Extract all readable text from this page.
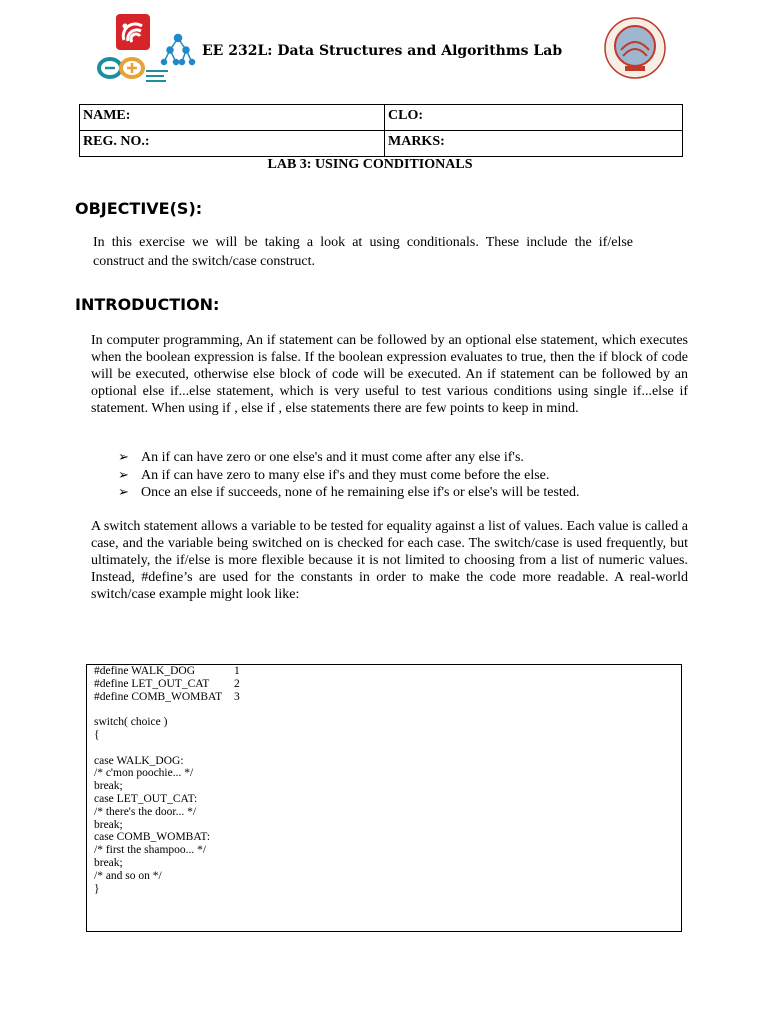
EE 232L: Data Structures and Algorithms Lab
NAME:	CLO:
REG. NO.:	MARKS:
LAB 3: USING CONDITIONALS
OBJECTIVE(S):
In this exercise we will be taking a look at using conditionals. These include the if/else construct and the switch/case construct.
INTRODUCTION:
In computer programming, An if statement can be followed by an optional else statement, which executes when the boolean expression is false. If the boolean expression evaluates to true, then the if block of code will be executed, otherwise else block of code will be executed. An if statement can be followed by an optional else if...else statement, which is very useful to test various conditions using single if...else if statement. When using if , else if , else statements there are few points to keep in mind.
➢ An if can have zero or one else's and it must come after any else if's.
➢ An if can have zero to many else if's and they must come before the else.
➢ Once an else if succeeds, none of he remaining else if's or else's will be tested.
A switch statement allows a variable to be tested for equality against a list of values. Each value is called a case, and the variable being switched on is checked for each case. The switch/case is used frequently, but ultimately, the if/else is more flexible because it is not limited to choosing from a list of numeric values. Instead, #define’s are used for the constants in order to make the code more readable. A real-world switch/case example might look like:
#define WALK_DOG	1
#define LET_OUT_CAT 2
#define COMB_WOMBAT 3
switch( choice )
{
case WALK_DOG:
/* c'mon poochie... */
break;
case LET_OUT_CAT:
/* there's the door... */
break;
case COMB_WOMBAT:
/* first the shampoo... */
break;
/* and so on */
}
